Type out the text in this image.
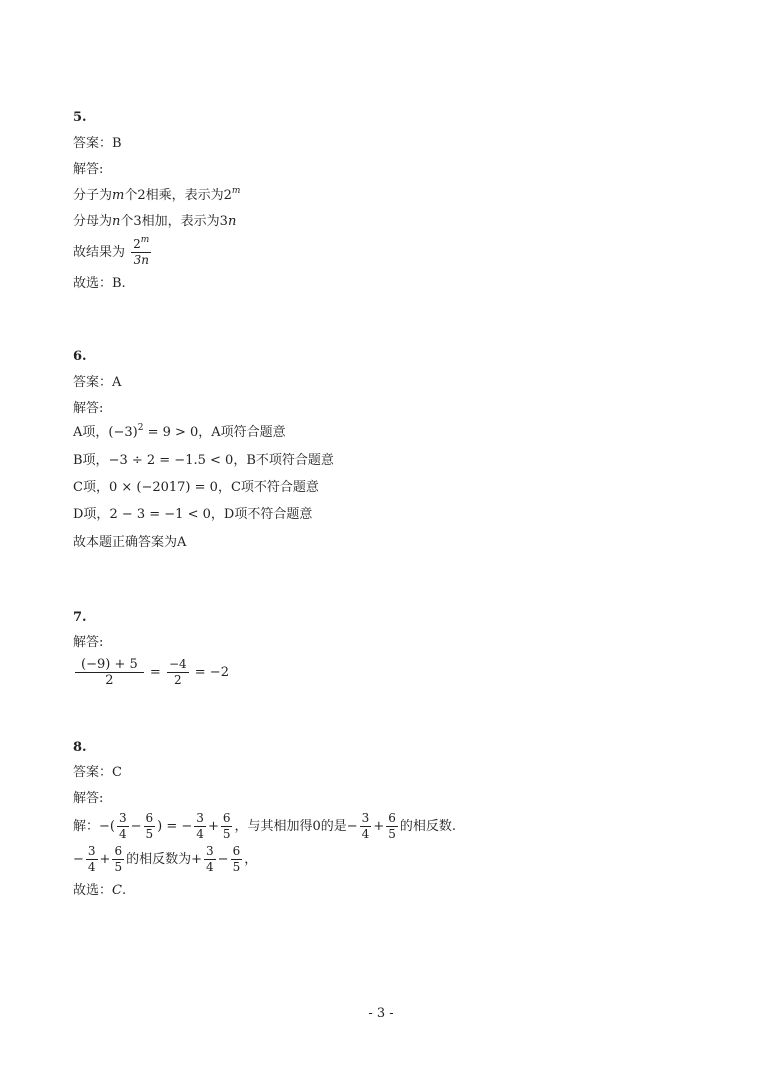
5.
答案：B
解答:
分子为m个2相乘，表示为2$^m$
分母为n个3相加，表示为3n
故结果为 $\frac{2^m}{3n}$
故选：B.
6.
答案：A
解答:
A项，$(-3)^2 = 9 > 0$，A项符合题意
B项，−3 ÷ 2 = −1.5 < 0，B不项符合题意
C项，0 × (−2017) = 0，C项不符合题意
D项，2 − 3 = −1 < 0，D项不符合题意
故本题正确答案为A
7.
解答:
$\frac{(-9) + 5}{2} = \frac{-4}{2} = -2$
8.
答案：C
解答:
解：−( $\frac{3}{4} - \frac{6}{5}$ ) = − $\frac{3}{4} + \frac{6}{5}$ ，与其相加得0的是− $\frac{3}{4} + \frac{6}{5}$ 的相反数.
− $\frac{3}{4} + \frac{6}{5}$ 的相反数为+ $\frac{3}{4} - \frac{6}{5}$ ，
故选：C.
- 3 -
